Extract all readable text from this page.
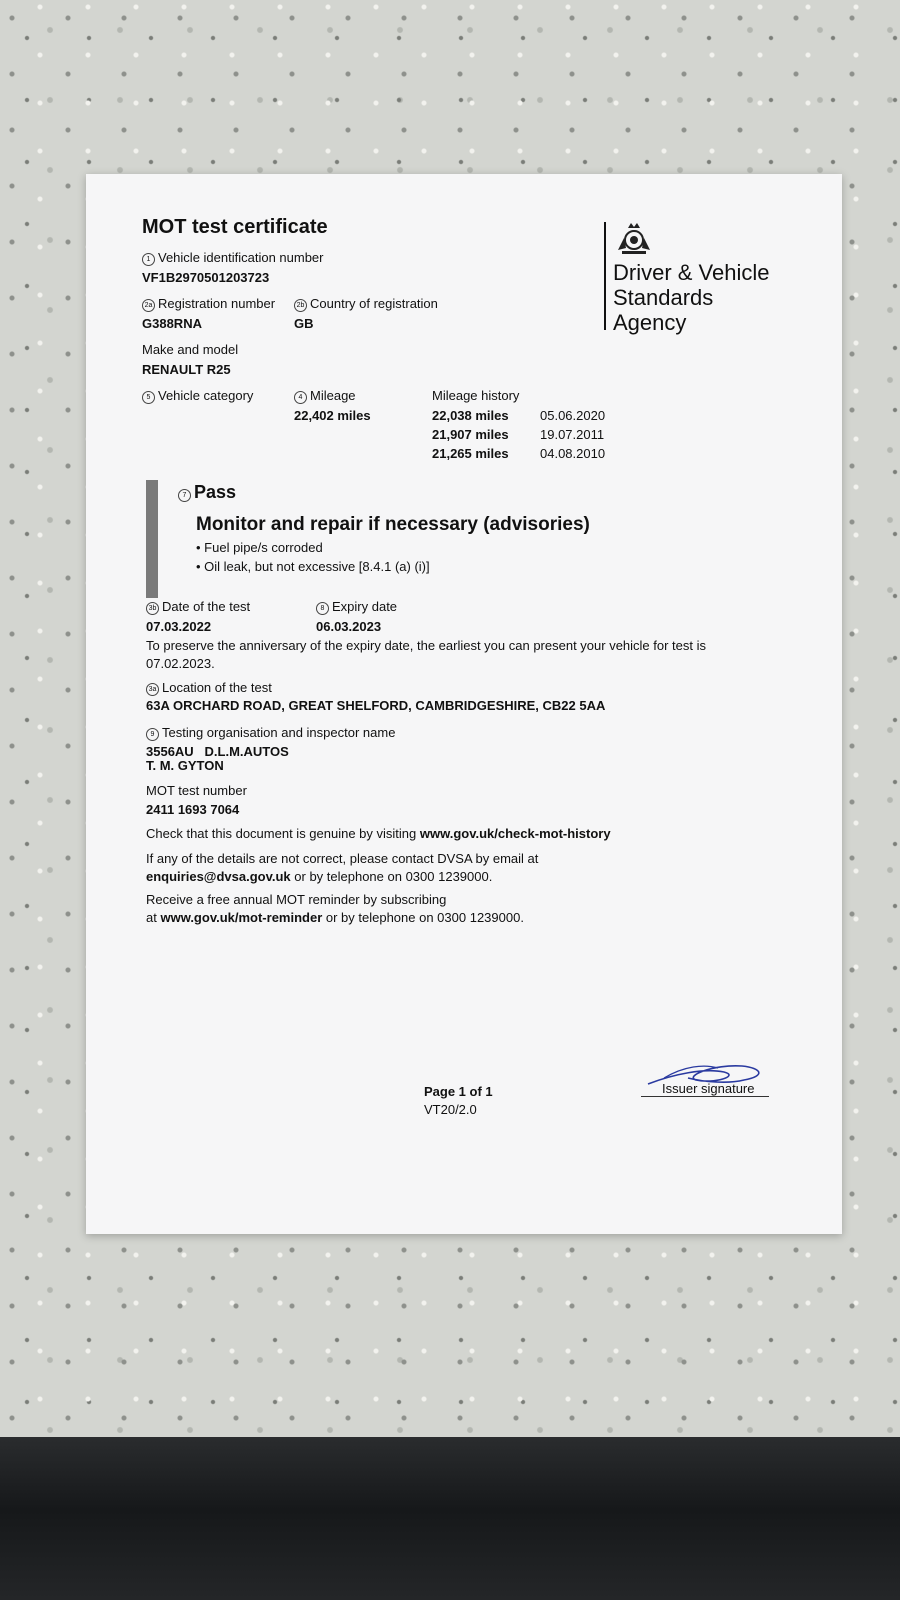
MOT test certificate
Driver & Vehicle
Standards
Agency
1 Vehicle identification number
VF1B2970501203723
2a Registration number
G388RNA
2b Country of registration
GB
Make and model
RENAULT R25
5 Vehicle category	4 Mileage
22,402 miles
Mileage history
22,038 miles 05.06.2020
21,907 miles 19.07.2011
21,265 miles 04.08.2010
7 Pass
Monitor and repair if necessary (advisories)
• Fuel pipe/s corroded
• Oil leak, but not excessive [8.4.1 (a) (i)]
3b Date of the test
07.03.2022
8 Expiry date
06.03.2023
To preserve the anniversary of the expiry date, the earliest you can present your vehicle for test is 07.02.2023.
3a Location of the test
63A ORCHARD ROAD, GREAT SHELFORD, CAMBRIDGESHIRE, CB22 5AA
9 Testing organisation and inspector name
3556AU   D.L.M.AUTOS
T. M. GYTON
MOT test number
2411 1693 7064
Check that this document is genuine by visiting www.gov.uk/check-mot-history
If any of the details are not correct, please contact DVSA by email at
enquiries@dvsa.gov.uk or by telephone on 0300 1239000.
Receive a free annual MOT reminder by subscribing
at www.gov.uk/mot-reminder or by telephone on 0300 1239000.
Issuer signature
Page 1 of 1
VT20/2.0
